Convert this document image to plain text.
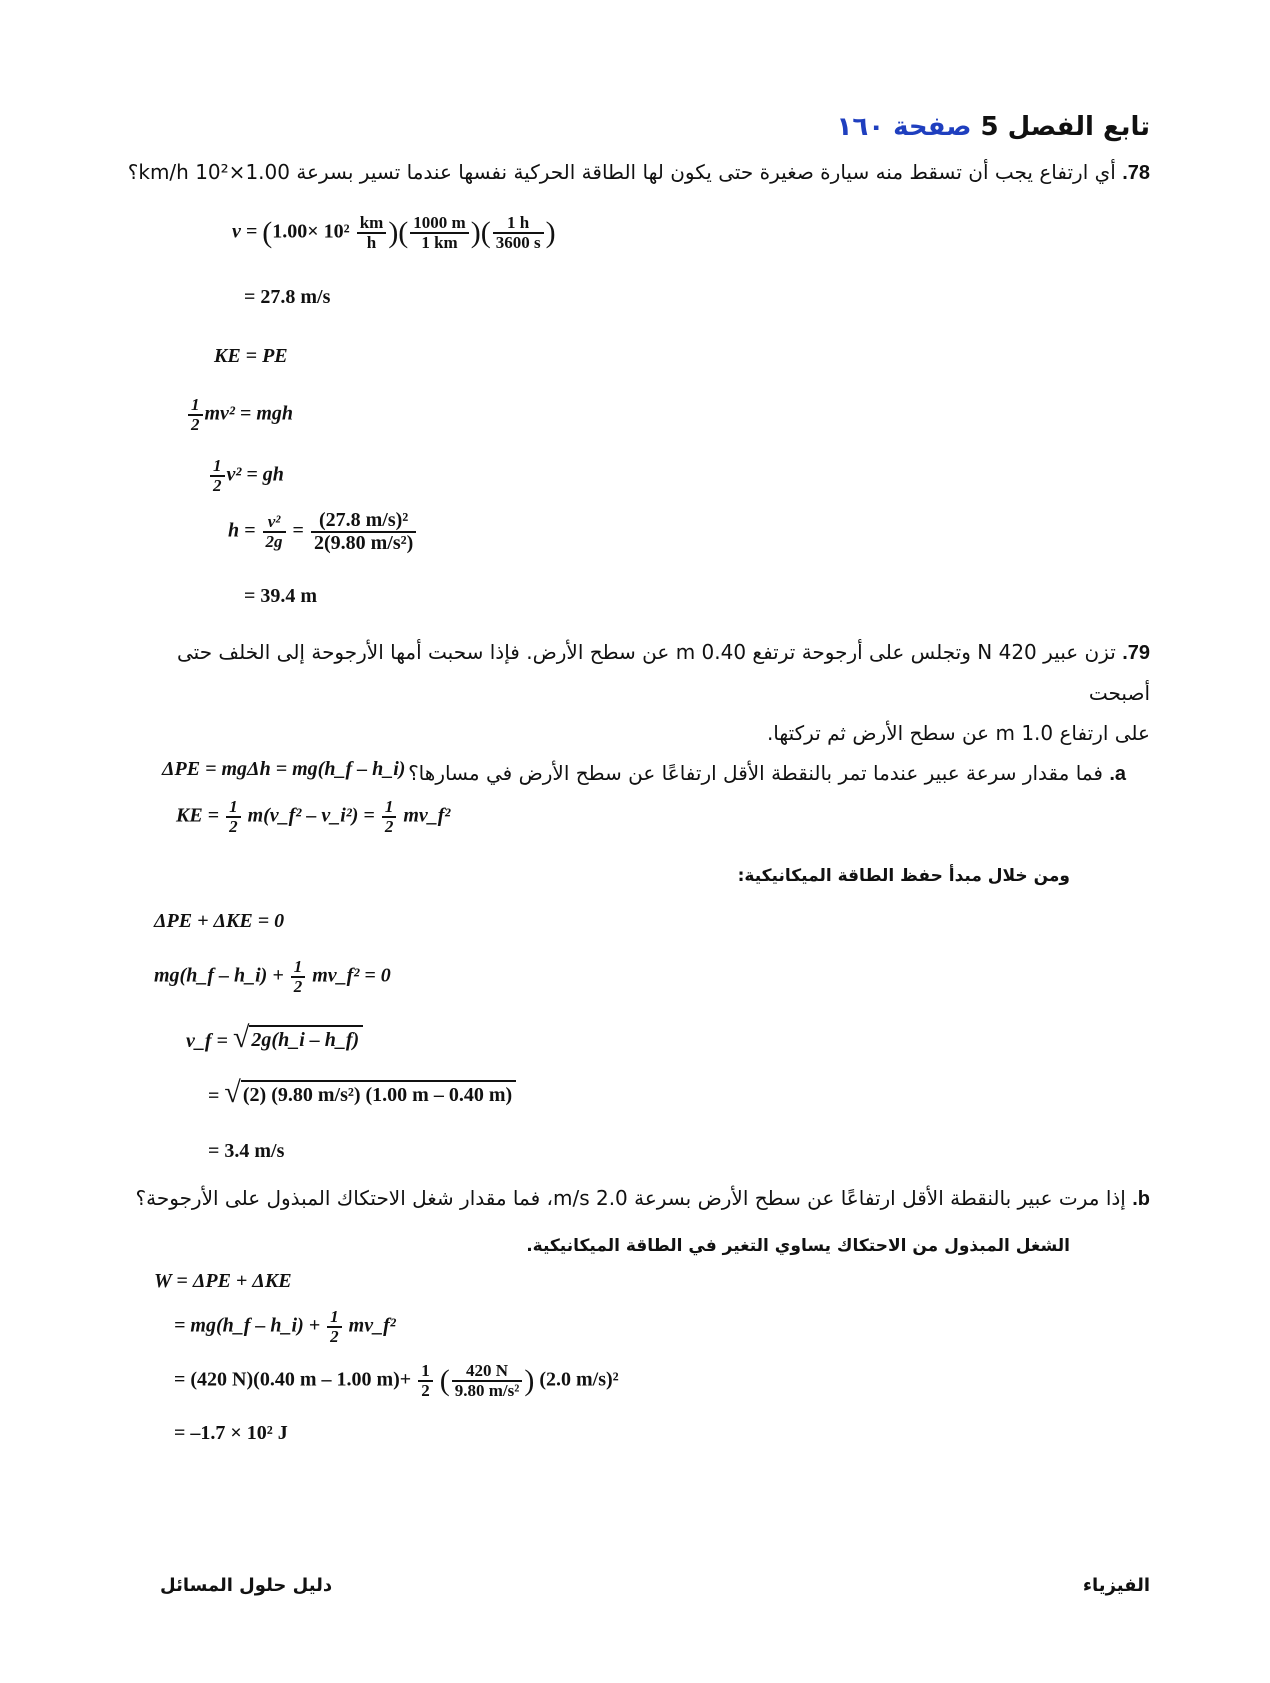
تابع الفصل 5 صفحة ١٦٠
78. أي ارتفاع يجب أن تسقط منه سيارة صغيرة حتى يكون لها الطاقة الحركية نفسها عندما تسير بسرعة 1.00×10² km/h؟
$v = (1.00\times 10^2 \frac{km}{h}$ )( $\frac{1000 m}{1 km}$ )( $\frac{1 h}{3600 s}$ )
= 27.8 m/s
KE = PE
$\frac{1}{2} mv^2$ = mgh
$\frac{1}{2} v^2$ = gh
$h = \frac{\text{v²}}{2g} = \frac{\text{(27.8 m/s)²}}{\text{2(9.80 m/s²)}}$
= 39.4 m
79. تزن عبير 420 N وتجلس على أرجوحة ترتفع 0.40 m عن سطح الأرض. فإذا سحبت أمها الأرجوحة إلى الخلف حتى أصبحت
على ارتفاع 1.0 m عن سطح الأرض ثم تركتها.
a. فما مقدار سرعة عبير عندما تمر بالنقطة الأقل ارتفاعًا عن سطح الأرض في مسارها؟
ΔPE = mgΔh = mg(h_f – h_i)
KE = $\frac{1}{2}$ m(v_f² – v_i²) = $\frac{1}{2}$ mv_f²
ومن خلال مبدأ حفظ الطاقة الميكانيكية:
ΔPE + ΔKE = 0
mg(h_f – h_i) + $\frac{1}{2}$ mv_f² = 0
v_f = √ 2g(h_i – h_f)
= √ (2) (9.80 m/s²) (1.00 m – 0.40 m)
= 3.4 m/s
b. إذا مرت عبير بالنقطة الأقل ارتفاعًا عن سطح الأرض بسرعة 2.0 m/s، فما مقدار شغل الاحتكاك المبذول على الأرجوحة؟
الشغل المبذول من الاحتكاك يساوي التغير في الطاقة الميكانيكية.
W = ΔPE + ΔKE
= mg(h_f – h_i) + $\frac{1}{2}$ mv_f²
= (420 N)(0.40 m – 1.00 $m)+ \frac{1}{2}$ ( $\frac{420 N}{\text{9.80 m/s²}}$ ) (2.0 m/s)²
= –1.7 × 10² J
الفيزياء
دليل حلول المسائل
